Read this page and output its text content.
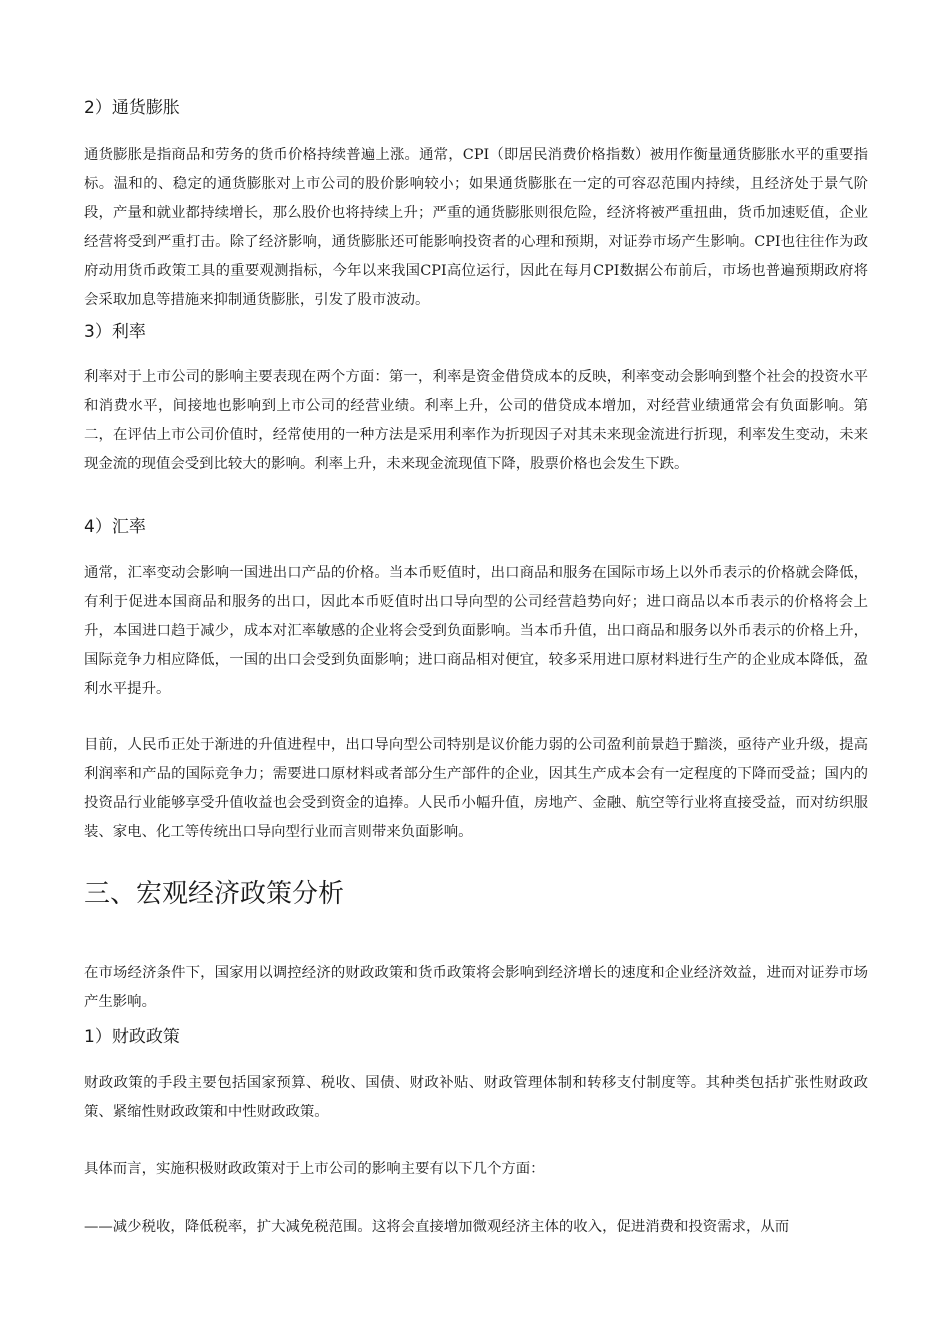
2）通货膨胀

通货膨胀是指商品和劳务的货币价格持续普遍上涨。通常，CPI（即居民消费价格指数）被用作衡量通货膨胀水平的重要指标。温和的、稳定的通货膨胀对上市公司的股价影响较小；如果通货膨胀在一定的可容忍范围内持续，且经济处于景气阶段，产量和就业都持续增长，那么股价也将持续上升；严重的通货膨胀则很危险，经济将被严重扭曲，货币加速贬值，企业经营将受到严重打击。除了经济影响，通货膨胀还可能影响投资者的心理和预期，对证券市场产生影响。CPI也往往作为政府动用货币政策工具的重要观测指标，今年以来我国CPI高位运行，因此在每月CPI数据公布前后，市场也普遍预期政府将会采取加息等措施来抑制通货膨胀，引发了股市波动。

3）利率

利率对于上市公司的影响主要表现在两个方面：第一，利率是资金借贷成本的反映，利率变动会影响到整个社会的投资水平和消费水平，间接地也影响到上市公司的经营业绩。利率上升，公司的借贷成本增加，对经营业绩通常会有负面影响。第二，在评估上市公司价值时，经常使用的一种方法是采用利率作为折现因子对其未来现金流进行折现，利率发生变动，未来现金流的现值会受到比较大的影响。利率上升，未来现金流现值下降，股票价格也会发生下跌。

4）汇率

通常，汇率变动会影响一国进出口产品的价格。当本币贬值时，出口商品和服务在国际市场上以外币表示的价格就会降低，有利于促进本国商品和服务的出口，因此本币贬值时出口导向型的公司经营趋势向好；进口商品以本币表示的价格将会上升，本国进口趋于减少，成本对汇率敏感的企业将会受到负面影响。当本币升值，出口商品和服务以外币表示的价格上升，国际竞争力相应降低，一国的出口会受到负面影响；进口商品相对便宜，较多采用进口原材料进行生产的企业成本降低，盈利水平提升。

目前，人民币正处于渐进的升值进程中，出口导向型公司特别是议价能力弱的公司盈利前景趋于黯淡，亟待产业升级，提高利润率和产品的国际竞争力；需要进口原材料或者部分生产部件的企业，因其生产成本会有一定程度的下降而受益；国内的投资品行业能够享受升值收益也会受到资金的追捧。人民币小幅升值，房地产、金融、航空等行业将直接受益，而对纺织服装、家电、化工等传统出口导向型行业而言则带来负面影响。

三、宏观经济政策分析

在市场经济条件下，国家用以调控经济的财政政策和货币政策将会影响到经济增长的速度和企业经济效益，进而对证券市场产生影响。

1）财政政策

财政政策的手段主要包括国家预算、税收、国债、财政补贴、财政管理体制和转移支付制度等。其种类包括扩张性财政政策、紧缩性财政政策和中性财政政策。

具体而言，实施积极财政政策对于上市公司的影响主要有以下几个方面：

——减少税收，降低税率，扩大减免税范围。这将会直接增加微观经济主体的收入，促进消费和投资需求，从而
